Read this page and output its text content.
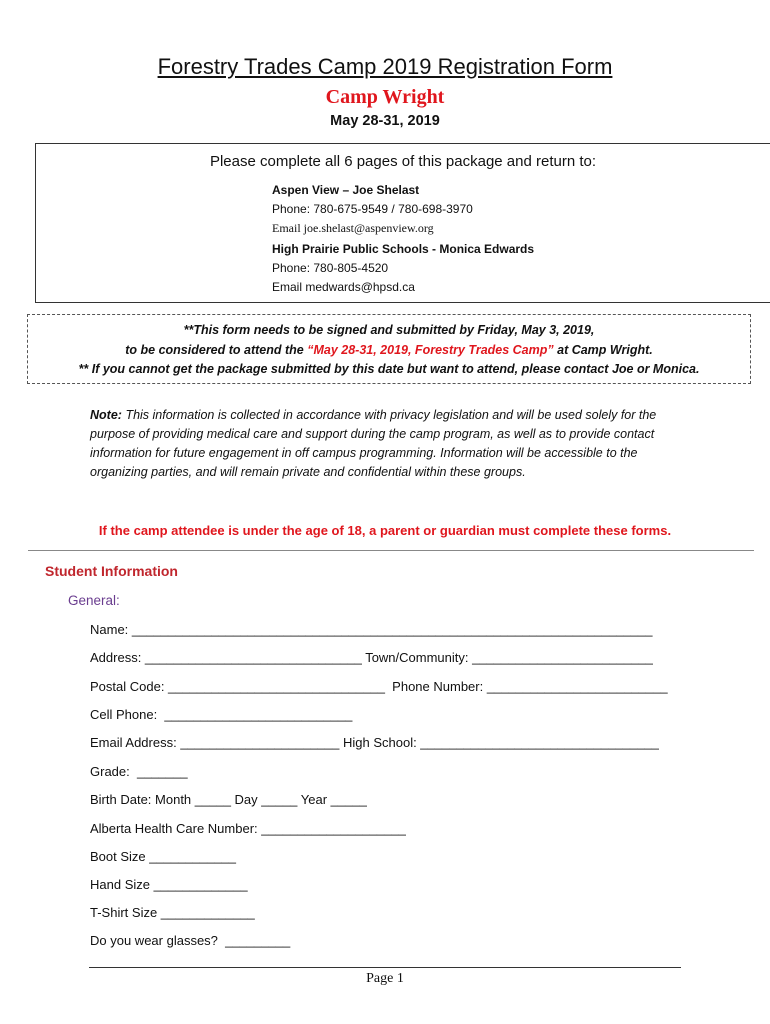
Forestry Trades Camp 2019 Registration Form
Camp Wright
May 28-31, 2019
Please complete all 6 pages of this package and return to:
Aspen View – Joe Shelast
Phone: 780-675-9549 / 780-698-3970
Email joe.shelast@aspenview.org
High Prairie Public Schools - Monica Edwards
Phone: 780-805-4520
Email medwards@hpsd.ca
**This form needs to be signed and submitted by Friday, May 3, 2019,
to be considered to attend the “May 28-31, 2019, Forestry Trades Camp” at Camp Wright.
** If you cannot get the package submitted by this date but want to attend, please contact Joe or Monica.
Note: This information is collected in accordance with privacy legislation and will be used solely for the purpose of providing medical care and support during the camp program, as well as to provide contact information for future engagement in off campus programming. Information will be accessible to the organizing parties, and will remain private and confidential within these groups.
If the camp attendee is under the age of 18, a parent or guardian must complete these forms.
Student Information
General:
Name: ________________________________________________________________________
Address: ______________________________ Town/Community: _________________________
Postal Code: ______________________________  Phone Number: _________________________
Cell Phone:  __________________________
Email Address: ______________________ High School: _________________________________
Grade:  _______
Birth Date: Month _____ Day _____ Year _____
Alberta Health Care Number: ____________________
Boot Size ____________
Hand Size _____________
T-Shirt Size _____________
Do you wear glasses?  _________
Page 1
